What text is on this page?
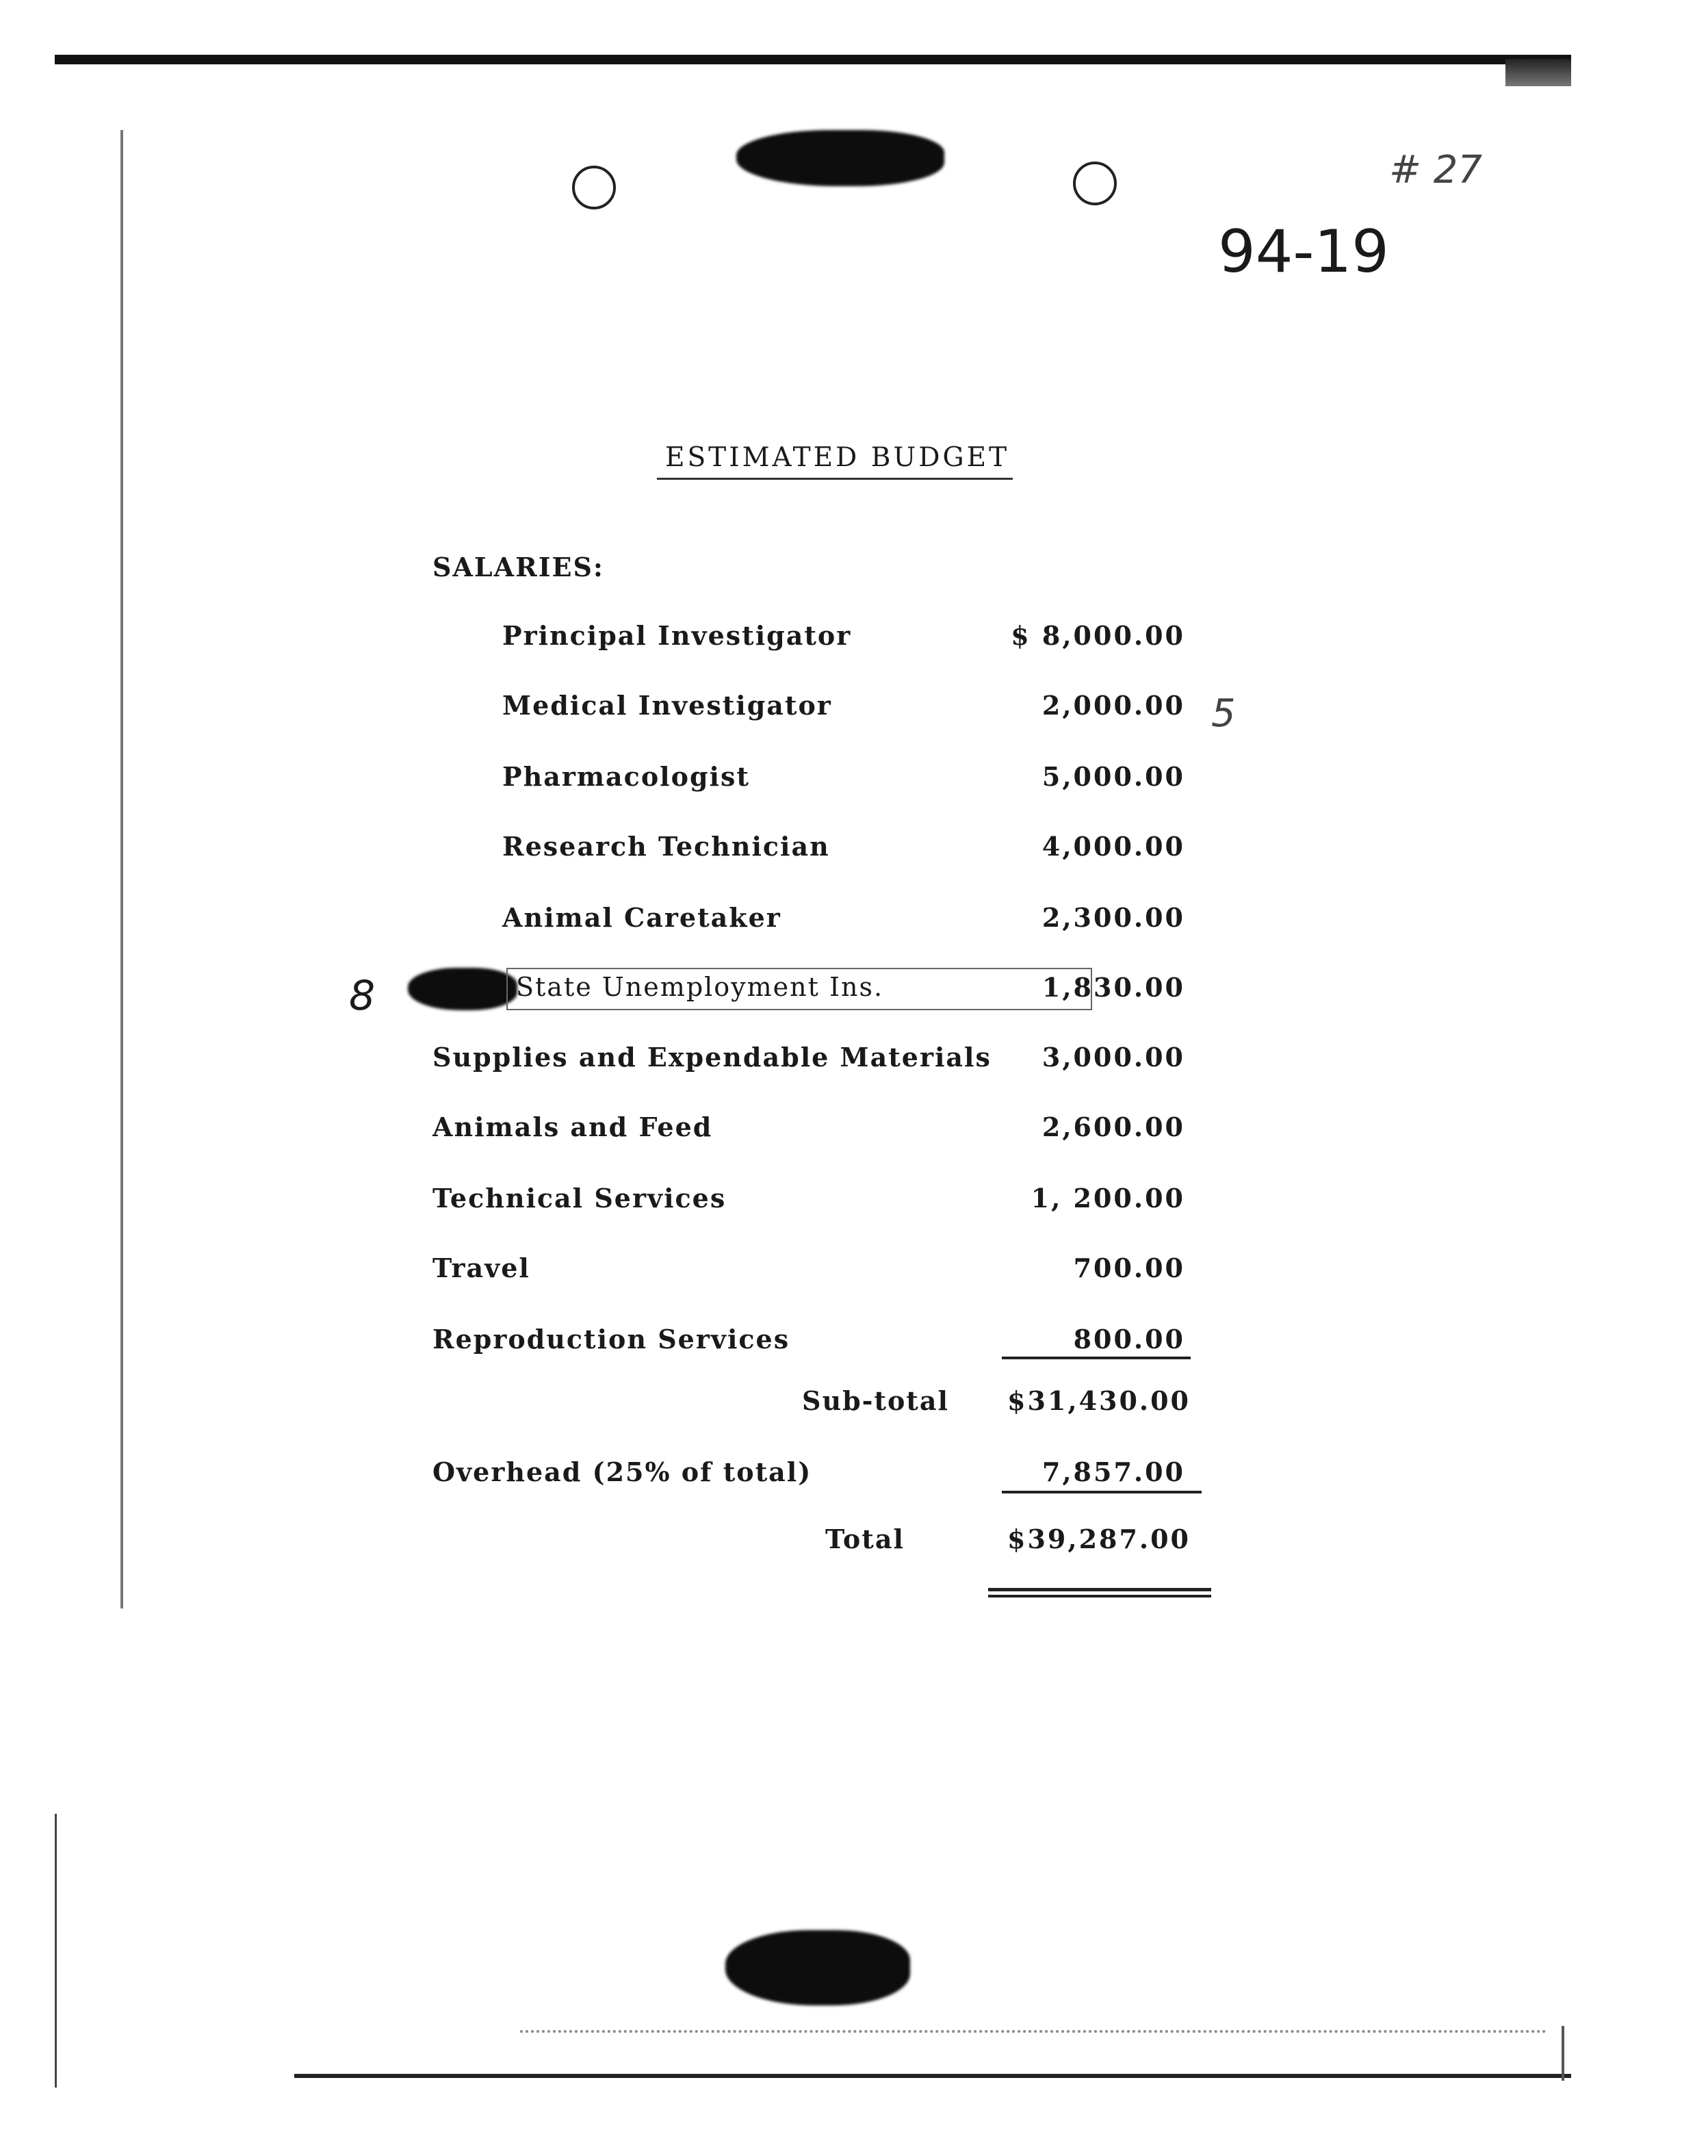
94-19
# 27
8
5
ESTIMATED BUDGET
SALARIES:
Principal Investigator	$ 8,000.00
Medical Investigator	2,000.00
Pharmacologist	5,000.00
Research Technician	4,000.00
Animal Caretaker	2,300.00
State Unemployment Ins.	1,830.00
Supplies and Expendable Materials	3,000.00
Animals and Feed	2,600.00
Technical Services	1, 200.00
Travel	700.00
Reproduction Services	800.00
Sub-total	$31,430.00
Overhead (25% of total)	7,857.00
Total	$39,287.00
